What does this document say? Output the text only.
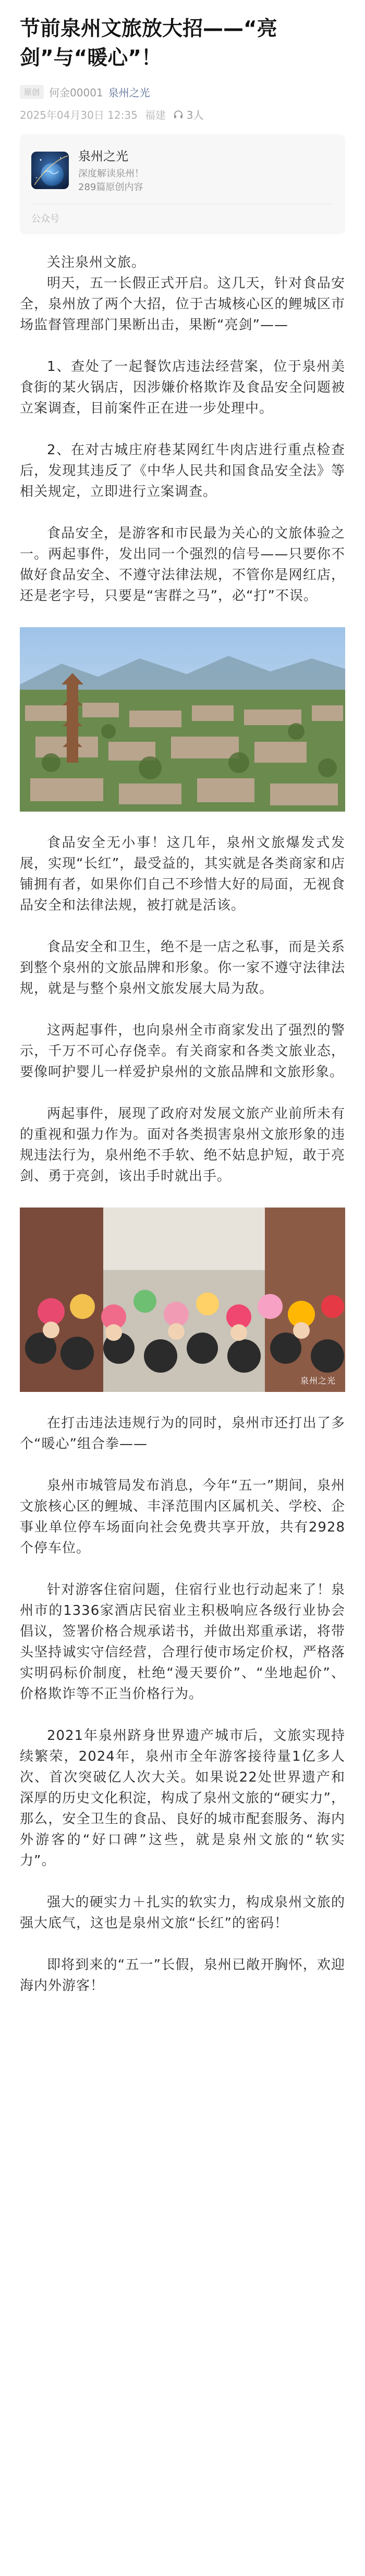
节前泉州文旅放大招——“亮剑”与“暖心”！
原创 何金00001 泉州之光
2025年04月30日 12:35 福建 3人
泉州之光
深度解读泉州！
289篇原创内容
公众号

关注泉州文旅。

明天，五一长假正式开启。这几天，针对食品安全，泉州放了两个大招，位于古城核心区的鲤城区市场监督管理部门果断出击，果断“亮剑”——

1、查处了一起餐饮店违法经营案，位于泉州美食街的某火锅店，因涉嫌价格欺诈及食品安全问题被立案调查，目前案件正在进一步处理中。

2、在对古城庄府巷某网红牛肉店进行重点检查后，发现其违反了《中华人民共和国食品安全法》等相关规定，立即进行立案调查。

食品安全，是游客和市民最为关心的文旅体验之一。两起事件，发出同一个强烈的信号——只要你不做好食品安全、不遵守法律法规，不管你是网红店，还是老字号，只要是“害群之马”，必“打”不误。

食品安全无小事！这几年，泉州文旅爆发式发展，实现“长红”，最受益的，其实就是各类商家和店铺拥有者，如果你们自己不珍惜大好的局面，无视食品安全和法律法规，被打就是活该。

食品安全和卫生，绝不是一店之私事，而是关系到整个泉州的文旅品牌和形象。你一家不遵守法律法规，就是与整个泉州文旅发展大局为敌。

这两起事件，也向泉州全市商家发出了强烈的警示，千万不可心存侥幸。有关商家和各类文旅业态，要像呵护婴儿一样爱护泉州的文旅品牌和文旅形象。

两起事件，展现了政府对发展文旅产业前所未有的重视和强力作为。面对各类损害泉州文旅形象的违规违法行为，泉州绝不手软、绝不姑息护短，敢于亮剑、勇于亮剑，该出手时就出手。

泉州之光

在打击违法违规行为的同时，泉州市还打出了多个“暖心”组合拳——

泉州市城管局发布消息，今年“五一”期间，泉州文旅核心区的鲤城、丰泽范围内区属机关、学校、企事业单位停车场面向社会免费共享开放，共有2928个停车位。

针对游客住宿问题，住宿行业也行动起来了！泉州市的1336家酒店民宿业主积极响应各级行业协会倡议，签署价格合规承诺书，并做出郑重承诺，将带头坚持诚实守信经营，合理行使市场定价权，严格落实明码标价制度，杜绝“漫天要价”、“坐地起价”、价格欺诈等不正当价格行为。

2021年泉州跻身世界遗产城市后，文旅实现持续繁荣，2024年，泉州市全年游客接待量1亿多人次、首次突破亿人次大关。如果说22处世界遗产和深厚的历史文化积淀，构成了泉州文旅的“硬实力”，那么，安全卫生的食品、良好的城市配套服务、海内外游客的“好口碑”这些，就是泉州文旅的“软实力”。

强大的硬实力＋扎实的软实力，构成泉州文旅的强大底气，这也是泉州文旅“长红”的密码！

即将到来的“五一”长假，泉州已敞开胸怀，欢迎海内外游客！
